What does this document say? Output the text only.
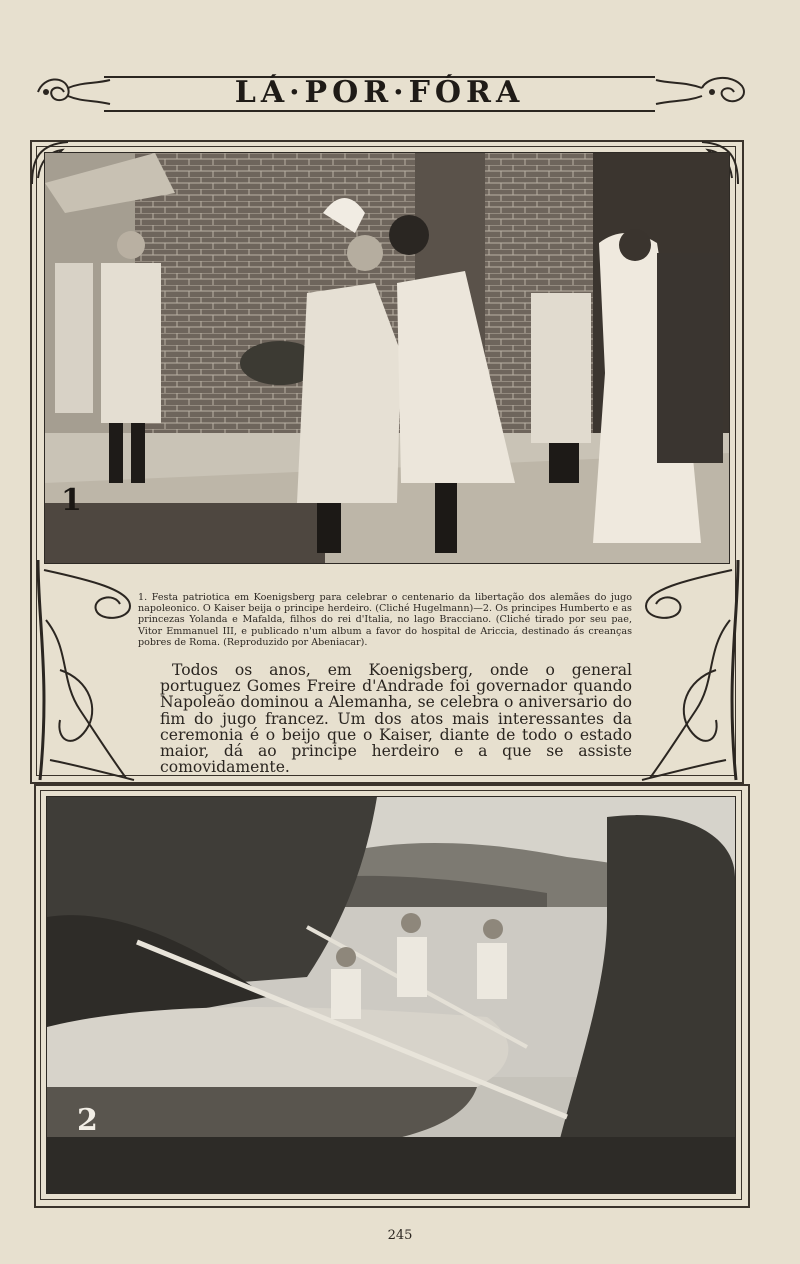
LÁ·POR·FÓRA
1
1. Festa patriotica em Koenigsberg para celebrar o centenario da libertação dos alemães do jugo napoleonico. O Kaiser beija o principe herdeiro. (Cliché Hugelmann)—2. Os principes Humberto e as princezas Yolanda e Mafalda, filhos do rei d'Italia, no lago Bracciano. (Cliché tirado por seu pae, Vitor Emmanuel III, e publicado n'um album a favor do hospital de Ariccia, destinado ás creanças pobres de Roma. (Reproduzido por Abeniacar).

Todos os anos, em Koenigsberg, onde o general portuguez Gomes Freire d'Andrade foi governador quando Napoleão dominou a Alemanha, se celebra o aniversario do fim do jugo francez. Um dos atos mais interessantes da ceremonia é o beijo que o Kaiser, diante de todo o estado maior, dá ao principe herdeiro e a que se assiste comovidamente.

2
245
